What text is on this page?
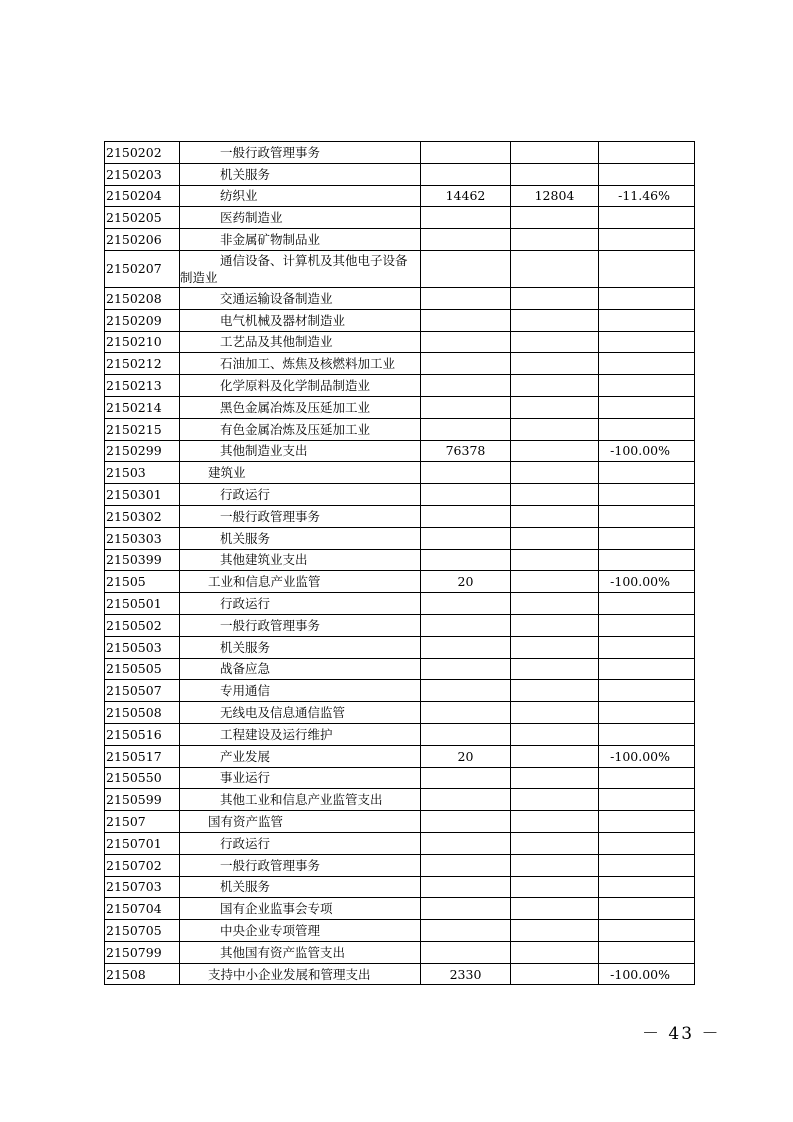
2150202	一般行政管理事务			
2150203	机关服务			
2150204	纺织业	14462	12804	-11.46%
2150205	医药制造业			
2150206	非金属矿物制品业			
2150207	通信设备、计算机及其他电子设备制造业			
2150208	交通运输设备制造业			
2150209	电气机械及器材制造业			
2150210	工艺品及其他制造业			
2150212	石油加工、炼焦及核燃料加工业			
2150213	化学原料及化学制品制造业			
2150214	黑色金属冶炼及压延加工业			
2150215	有色金属冶炼及压延加工业			
2150299	其他制造业支出	76378		-100.00%
21503	建筑业			
2150301	行政运行			
2150302	一般行政管理事务			
2150303	机关服务			
2150399	其他建筑业支出			
21505	工业和信息产业监管	20		-100.00%
2150501	行政运行			
2150502	一般行政管理事务			
2150503	机关服务			
2150505	战备应急			
2150507	专用通信			
2150508	无线电及信息通信监管			
2150516	工程建设及运行维护			
2150517	产业发展	20		-100.00%
2150550	事业运行			
2150599	其他工业和信息产业监管支出			
21507	国有资产监管			
2150701	行政运行			
2150702	一般行政管理事务			
2150703	机关服务			
2150704	国有企业监事会专项			
2150705	中央企业专项管理			
2150799	其他国有资产监管支出			
21508	支持中小企业发展和管理支出	2330		-100.00%
－ 43 －
